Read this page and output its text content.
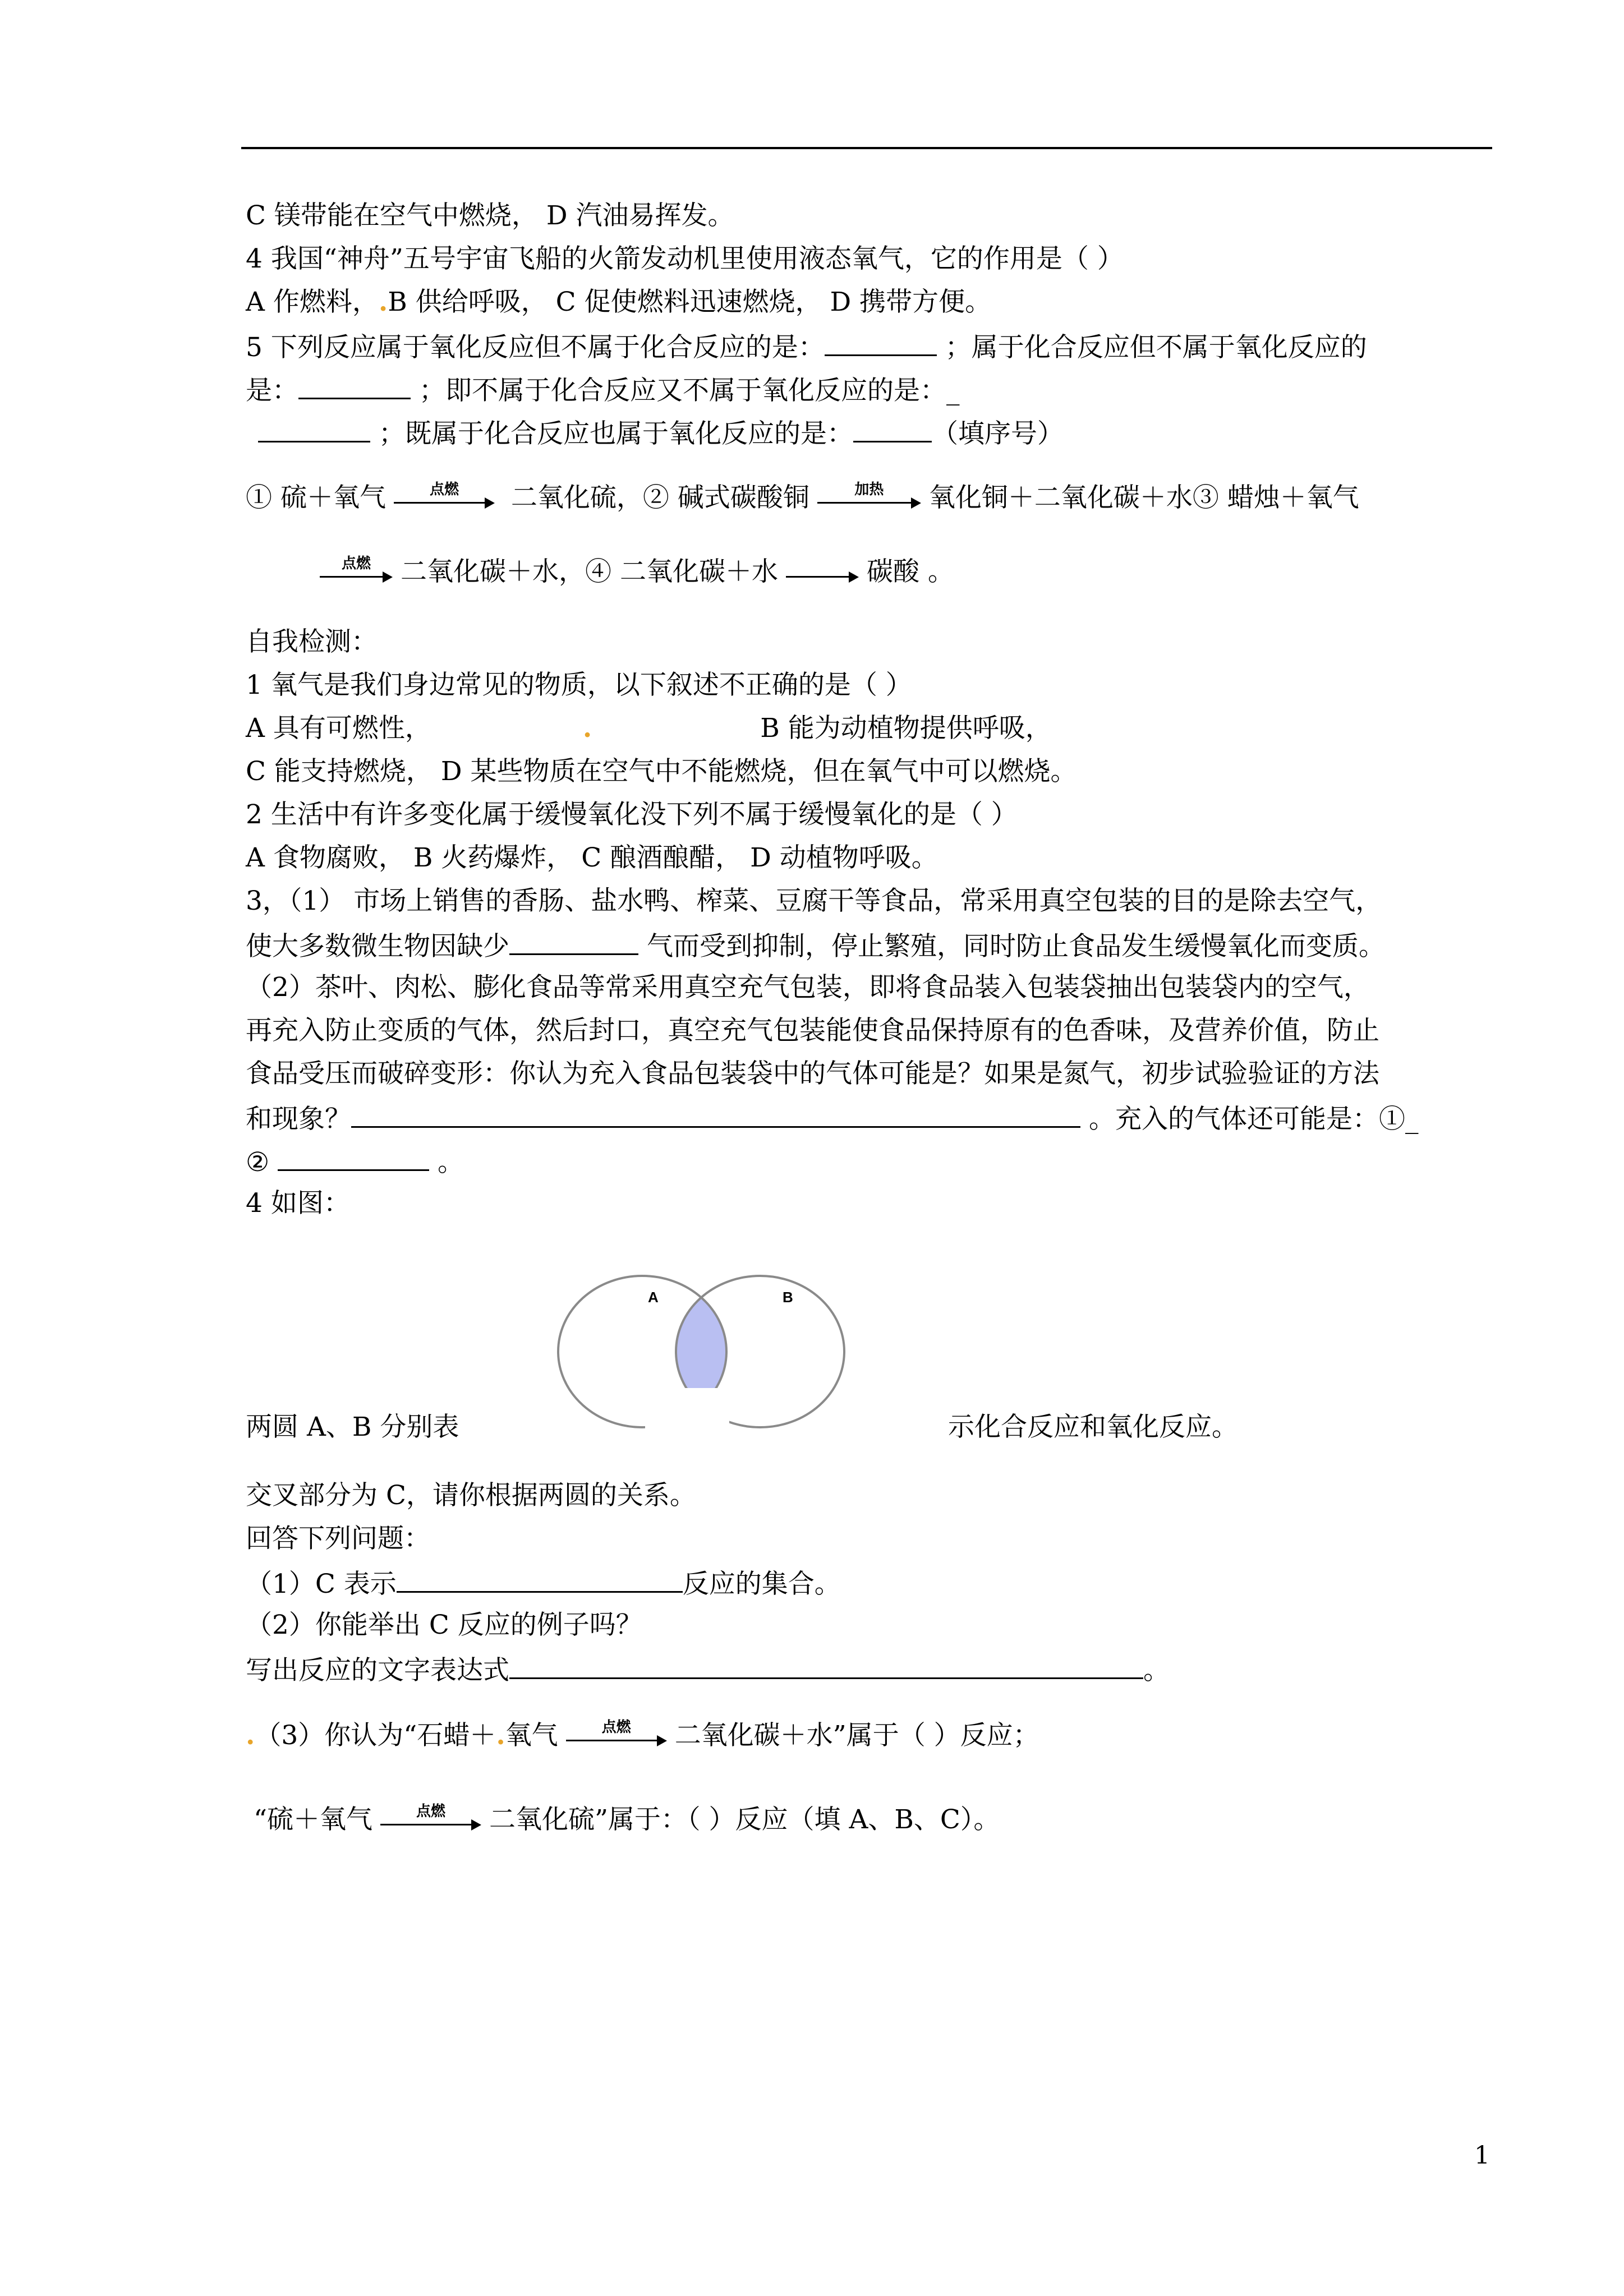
C 镁带能在空气中燃烧， D 汽油易挥发。
4 我国“神舟”五号宇宙飞船的火箭发动机里使用液态氧气，它的作用是（ ）
A 作燃料，.B 供给呼吸， C 促使燃料迅速燃烧， D 携带方便。
5 下列反应属于氧化反应但不属于化合反应的是：	；属于化合反应但不属于氧化反应的
是：	；即不属于化合反应又不属于氧化反应的是：_
；既属于化合反应也属于氧化反应的是：	（填序号）
① 硫＋氧气	点燃	二氧化硫，② 碱式碳酸铜	加热	氧化铜＋二氧化碳＋水③ 蜡烛＋氧气
点燃	二氧化碳＋水，④ 二氧化碳＋水	碳酸 。
自我检测：
1 氧气是我们身边常见的物质，以下叙述不正确的是（ ）
A 具有可燃性，	.	B 能为动植物提供呼吸，
C 能支持燃烧， D 某些物质在空气中不能燃烧，但在氧气中可以燃烧。
2 生活中有许多变化属于缓慢氧化没下列不属于缓慢氧化的是（ ）
A 食物腐败， B 火药爆炸， C 酿酒酿醋， D 动植物呼吸。
3，（1） 市场上销售的香肠、盐水鸭、榨菜、豆腐干等食品，常采用真空包装的目的是除去空气，
使大多数微生物因缺少	气而受到抑制，停止繁殖，同时防止食品发生缓慢氧化而变质。
（2）茶叶、肉松、膨化食品等常采用真空充气包装，即将食品装入包装袋抽出包装袋内的空气，
再充入防止变质的气体，然后封口，真空充气包装能使食品保持原有的色香味，及营养价值，防止
食品受压而破碎变形：你认为充入食品包装袋中的气体可能是？如果是氮气，初步试验验证的方法
和现象？	。充入的气体还可能是：①_
②	。
4 如图：
A	B
两圆 A、B 分别表	示化合反应和氧化反应。
交叉部分为 C，请你根据两圆的关系。
回答下列问题：
（1）C 表示	反应的集合。
（2）你能举出 C 反应的例子吗？
写出反应的文字表达式	。
.（3）你认为“石蜡＋.氧气	点燃	二氧化碳＋水”属于（ ）反应；
“硫＋氧气	点燃	二氧化硫”属于：（ ）反应（填 A、B、C）。
1
